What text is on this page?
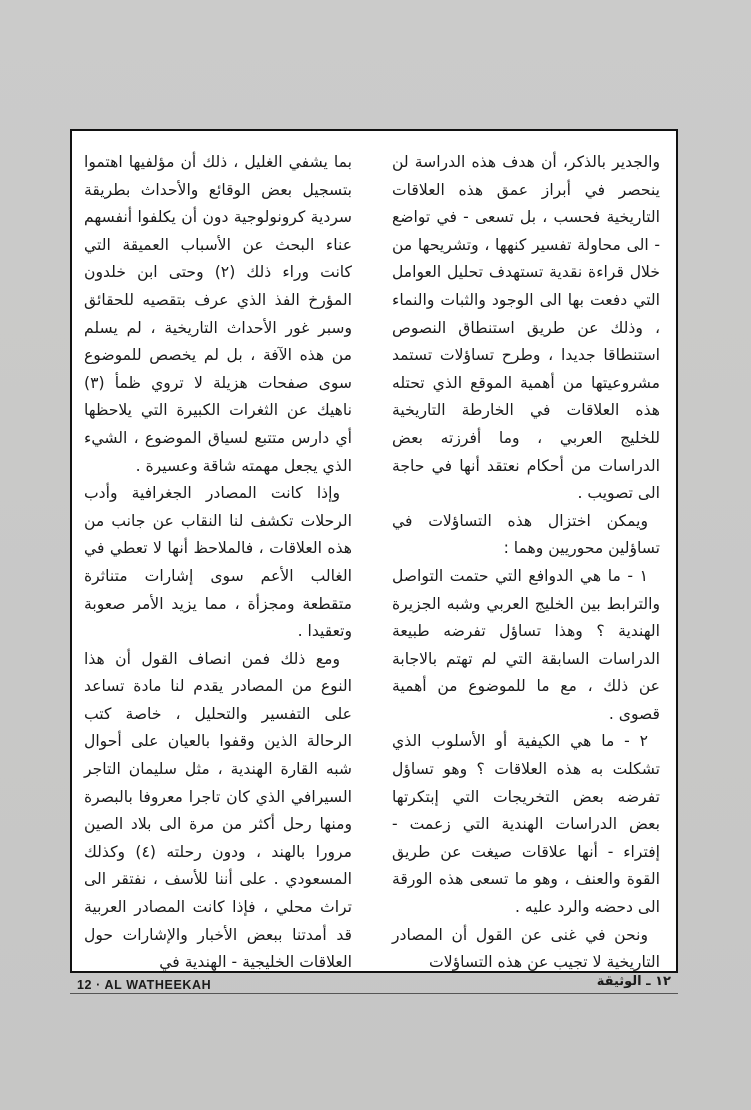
والجدير بالذكر، أن هدف هذه الدراسة لن ينحصر في أبراز عمق هذه العلاقات التاريخية فحسب ، بل تسعى - في تواضع - الى محاولة تفسير كنهها ، وتشريحها من خلال قراءة نقدية تستهدف تحليل العوامل التي دفعت بها الى الوجود والثبات والنماء ، وذلك عن طريق استنطاق النصوص استنطاقا جديدا ، وطرح تساؤلات تستمد مشروعيتها من أهمية الموقع الذي تحتله هذه العلاقات في الخارطة التاريخية للخليج العربي ، وما أفرزته بعض الدراسات من أحكام نعتقد أنها في حاجة الى تصويب .

ويمكن اختزال هذه التساؤلات في تساؤلين محوريين وهما :

١ - ما هي الدوافع التي حتمت التواصل والترابط بين الخليج العربي وشبه الجزيرة الهندية ؟ وهذا تساؤل تفرضه طبيعة الدراسات السابقة التي لم تهتم بالاجابة عن ذلك ، مع ما للموضوع من أهمية قصوى .

٢ - ما هي الكيفية أو الأسلوب الذي تشكلت به هذه العلاقات ؟ وهو تساؤل تفرضه بعض التخريجات التي إبتكرتها بعض الدراسات الهندية التي زعمت - إفتراء - أنها علاقات صيغت عن طريق القوة والعنف ، وهو ما تسعى هذه الورقة الى دحضه والرد عليه .

ونحن في غنى عن القول أن المصادر التاريخية لا تجيب عن هذه التساؤلات

بما يشفي الغليل ، ذلك أن مؤلفيها اهتموا بتسجيل بعض الوقائع والأحداث بطريقة سردية كرونولوجية دون أن يكلفوا أنفسهم عناء البحث عن الأسباب العميقة التي كانت وراء ذلك (٢) وحتى ابن خلدون المؤرخ الفذ الذي عرف بتقصيه للحقائق وسبر غور الأحداث التاريخية ، لم يسلم من هذه الآفة ، بل لم يخصص للموضوع سوى صفحات هزيلة لا تروي ظمأ (٣) ناهيك عن الثغرات الكبيرة التي يلاحظها أي دارس متتبع لسياق الموضوع ، الشيء الذي يجعل مهمته شاقة وعسيرة .

وإذا كانت المصادر الجغرافية وأدب الرحلات تكشف لنا النقاب عن جانب من هذه العلاقات ، فالملاحظ أنها لا تعطي في الغالب الأعم سوى إشارات متناثرة متقطعة ومجزأة ، مما يزيد الأمر صعوبة وتعقيدا .

ومع ذلك فمن انصاف القول أن هذا النوع من المصادر يقدم لنا مادة تساعد على التفسير والتحليل ، خاصة كتب الرحالة الذين وقفوا بالعيان على أحوال شبه القارة الهندية ، مثل سليمان التاجر السيرافي الذي كان تاجرا معروفا بالبصرة ومنها رحل أكثر من مرة الى بلاد الصين مرورا بالهند ، ودون رحلته (٤) وكذلك المسعودي . على أننا للأسف ، نفتقر الى تراث محلي ، فإذا كانت المصادر العربية قد أمدتنا ببعض الأخبار والإشارات حول العلاقات الخليجية - الهندية في

12 · AL WATHEEKAH	١٢ ـ الوثيقة
